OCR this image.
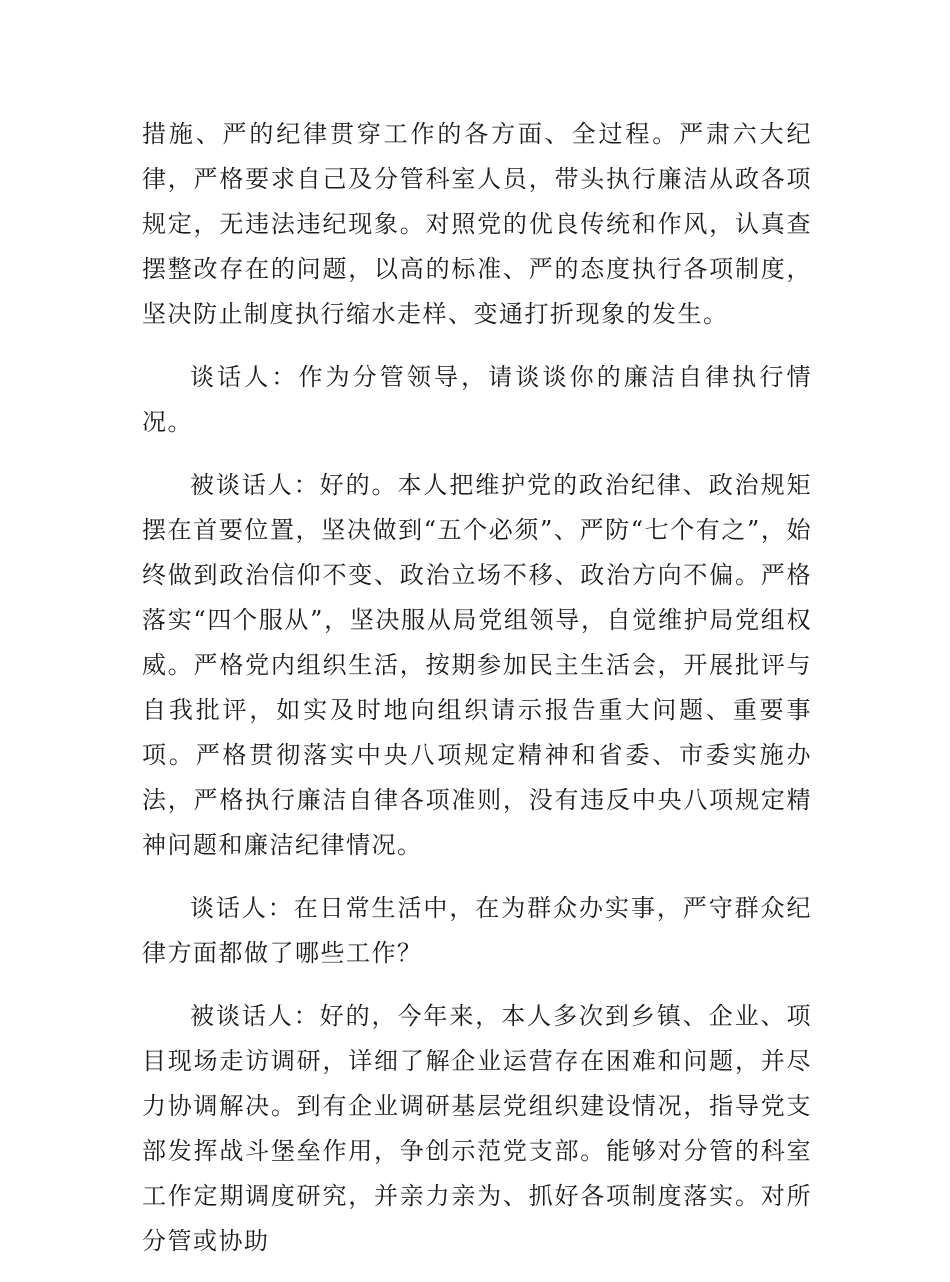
措施、严的纪律贯穿工作的各方面、全过程。严肃六大纪律，严格要求自己及分管科室人员，带头执行廉洁从政各项规定，无违法违纪现象。对照党的优良传统和作风，认真查摆整改存在的问题，以高的标准、严的态度执行各项制度，坚决防止制度执行缩水走样、变通打折现象的发生。

谈话人：作为分管领导，请谈谈你的廉洁自律执行情况。

被谈话人：好的。本人把维护党的政治纪律、政治规矩摆在首要位置，坚决做到“五个必须”、严防“七个有之”，始终做到政治信仰不变、政治立场不移、政治方向不偏。严格落实“四个服从”，坚决服从局党组领导，自觉维护局党组权威。严格党内组织生活，按期参加民主生活会，开展批评与自我批评，如实及时地向组织请示报告重大问题、重要事项。严格贯彻落实中央八项规定精神和省委、市委实施办法，严格执行廉洁自律各项准则，没有违反中央八项规定精神问题和廉洁纪律情况。

谈话人：在日常生活中，在为群众办实事，严守群众纪律方面都做了哪些工作？

被谈话人：好的，今年来，本人多次到乡镇、企业、项目现场走访调研，详细了解企业运营存在困难和问题，并尽力协调解决。到有企业调研基层党组织建设情况，指导党支部发挥战斗堡垒作用，争创示范党支部。能够对分管的科室工作定期调度研究，并亲力亲为、抓好各项制度落实。对所分管或协助
